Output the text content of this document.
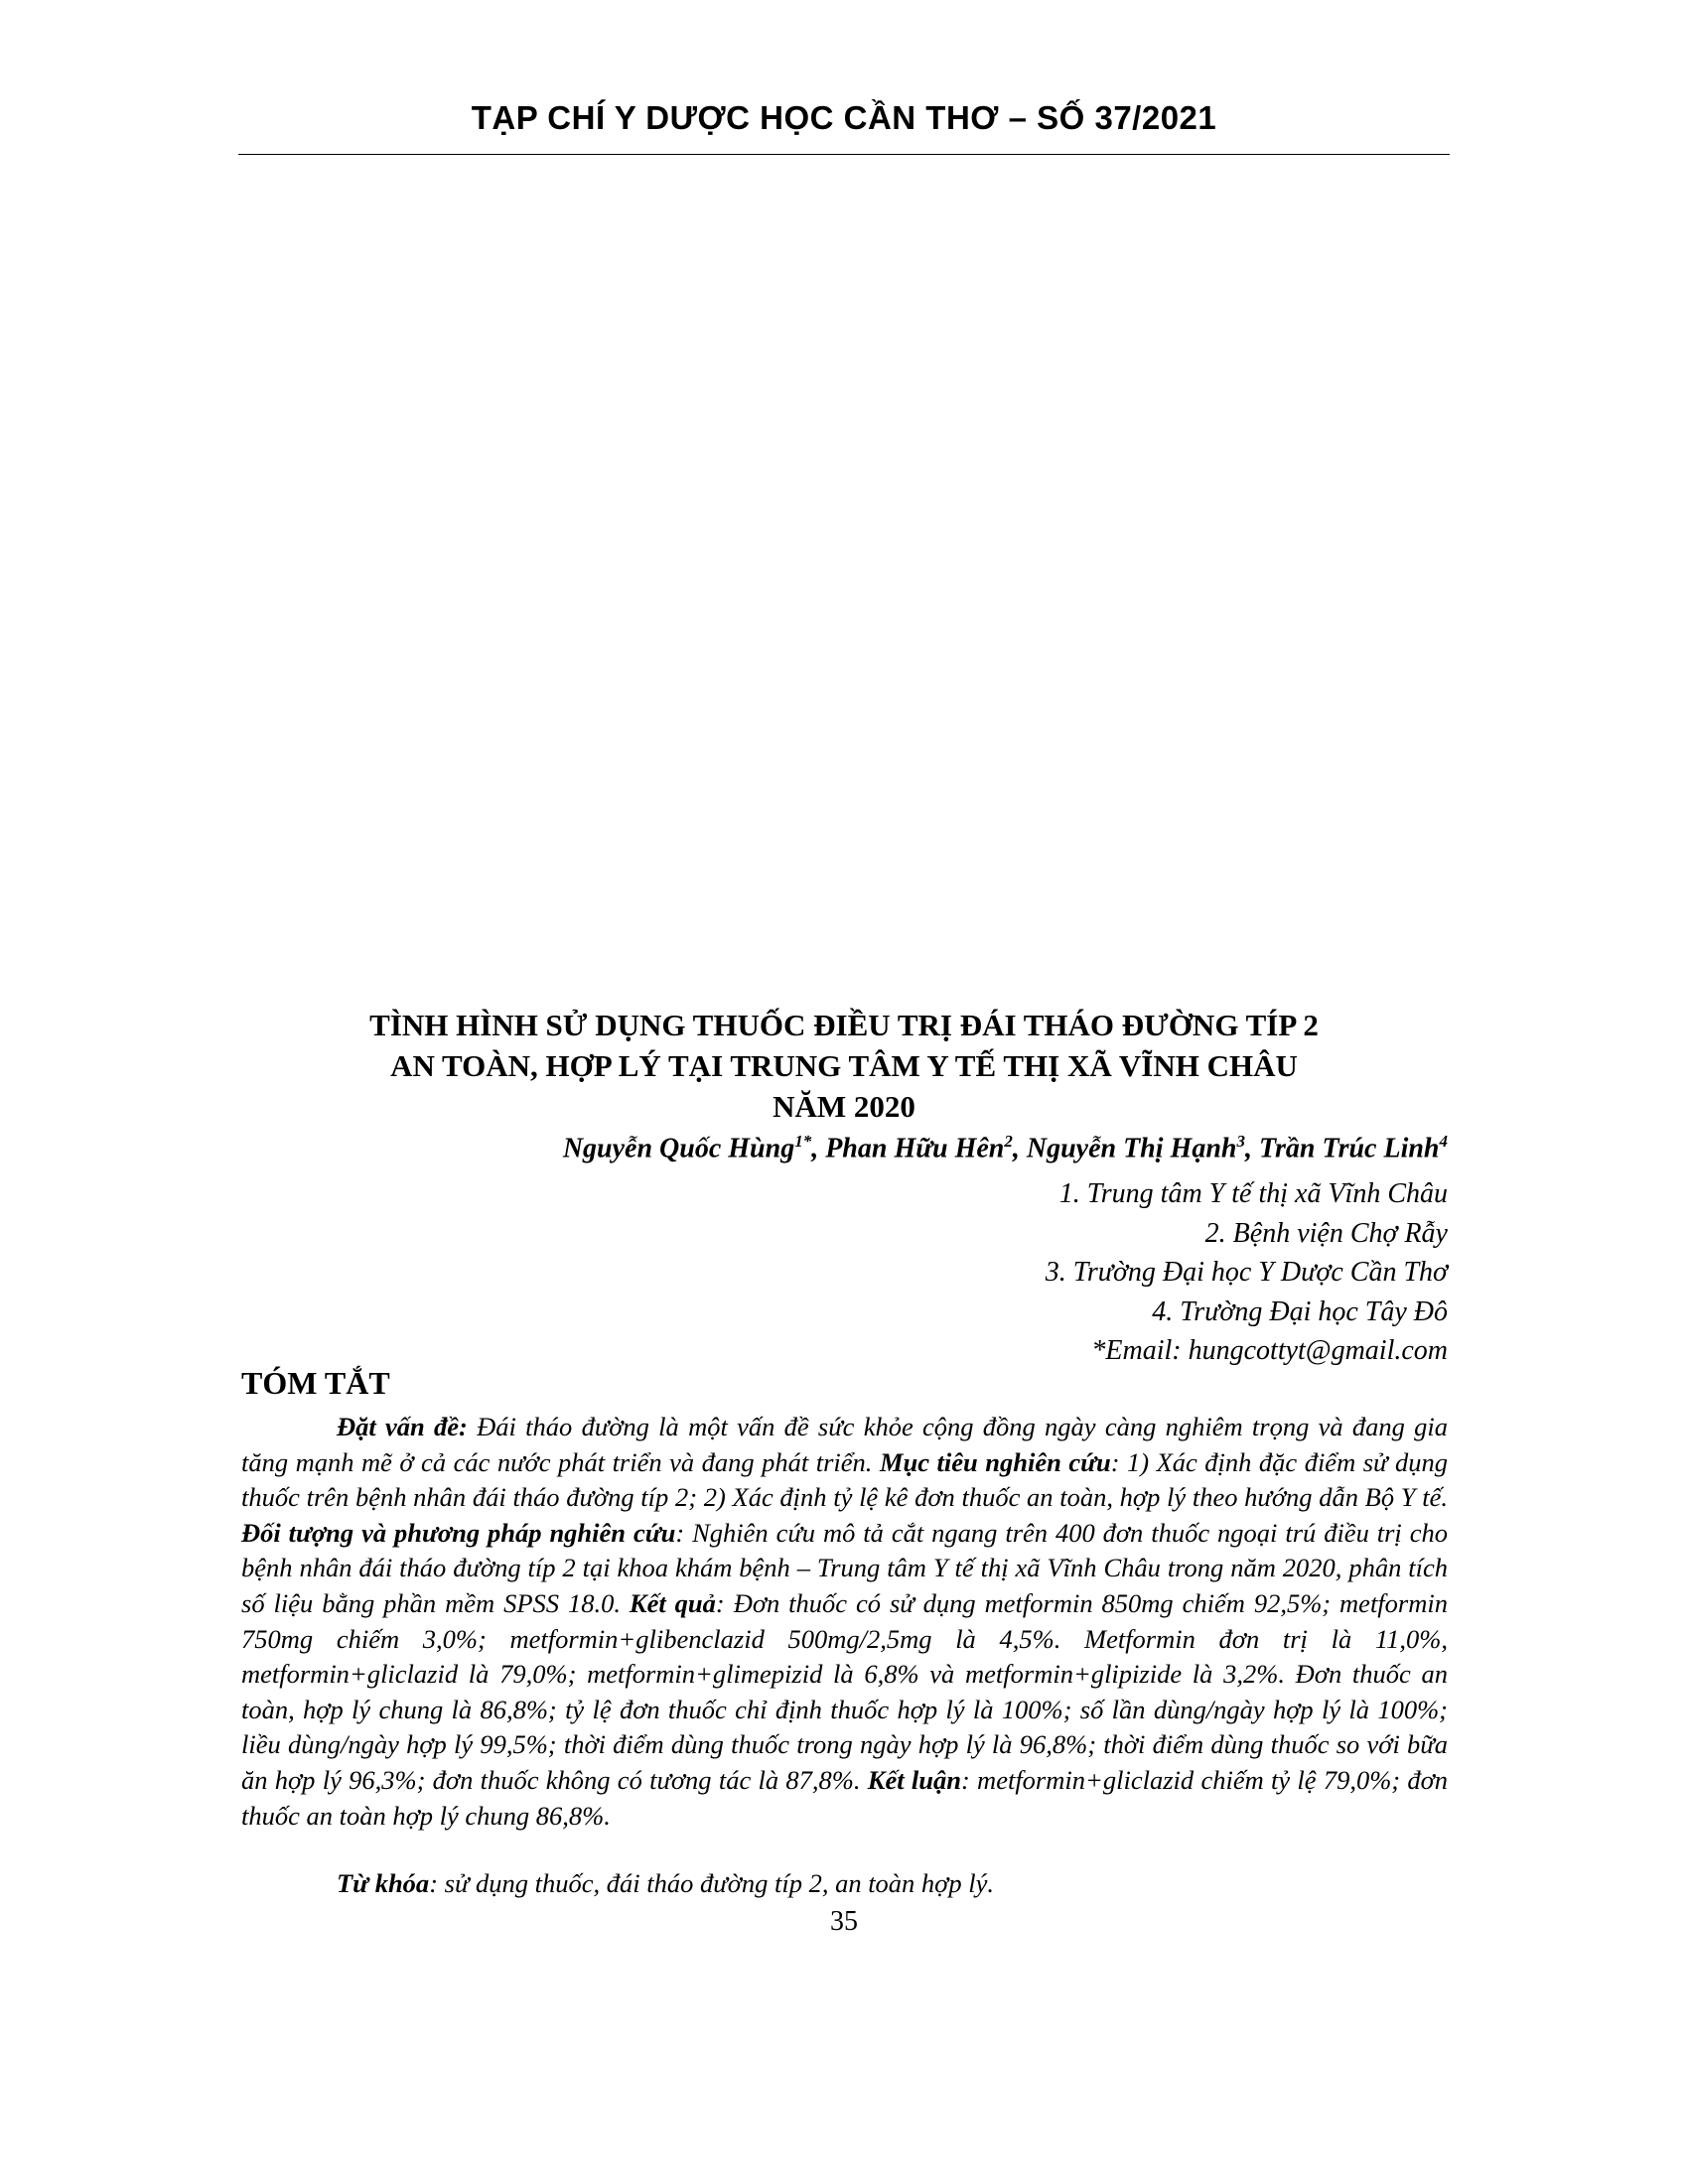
TẠP CHÍ Y DƯỢC HỌC CẦN THƠ – SỐ 37/2021
TÌNH HÌNH SỬ DỤNG THUỐC ĐIỀU TRỊ ĐÁI THÁO ĐƯỜNG TÍP 2
AN TOÀN, HỢP LÝ TẠI TRUNG TÂM Y TẾ THỊ XÃ VĨNH CHÂU
NĂM 2020
Nguyễn Quốc Hùng$^{1*}$, Phan Hữu Hên$^2$, Nguyễn Thị Hạnh$^3$, Trần Trúc Linh$^4$
1. Trung tâm Y tế thị xã Vĩnh Châu
2. Bệnh viện Chợ Rẫy
3. Trường Đại học Y Dược Cần Thơ
4. Trường Đại học Tây Đô
*Email: hungcottyt@gmail.com
TÓM TẮT
Đặt vấn đề: Đái tháo đường là một vấn đề sức khỏe cộng đồng ngày càng nghiêm trọng và đang gia tăng mạnh mẽ ở cả các nước phát triển và đang phát triển. Mục tiêu nghiên cứu: 1) Xác định đặc điểm sử dụng thuốc trên bệnh nhân đái tháo đường típ 2; 2) Xác định tỷ lệ kê đơn thuốc an toàn, hợp lý theo hướng dẫn Bộ Y tế. Đối tượng và phương pháp nghiên cứu: Nghiên cứu mô tả cắt ngang trên 400 đơn thuốc ngoại trú điều trị cho bệnh nhân đái tháo đường típ 2 tại khoa khám bệnh – Trung tâm Y tế thị xã Vĩnh Châu trong năm 2020, phân tích số liệu bằng phần mềm SPSS 18.0. Kết quả: Đơn thuốc có sử dụng metformin 850mg chiếm 92,5%; metformin 750mg chiếm 3,0%; metformin+glibenclazid 500mg/2,5mg là 4,5%. Metformin đơn trị là 11,0%, metformin+gliclazid là 79,0%; metformin+glimepizid là 6,8% và metformin+glipizide là 3,2%. Đơn thuốc an toàn, hợp lý chung là 86,8%; tỷ lệ đơn thuốc chỉ định thuốc hợp lý là 100%; số lần dùng/ngày hợp lý là 100%; liều dùng/ngày hợp lý 99,5%; thời điểm dùng thuốc trong ngày hợp lý là 96,8%; thời điểm dùng thuốc so với bữa ăn hợp lý 96,3%; đơn thuốc không có tương tác là 87,8%. Kết luận: metformin+gliclazid chiếm tỷ lệ 79,0%; đơn thuốc an toàn hợp lý chung 86,8%.
Từ khóa: sử dụng thuốc, đái tháo đường típ 2, an toàn hợp lý.
35
